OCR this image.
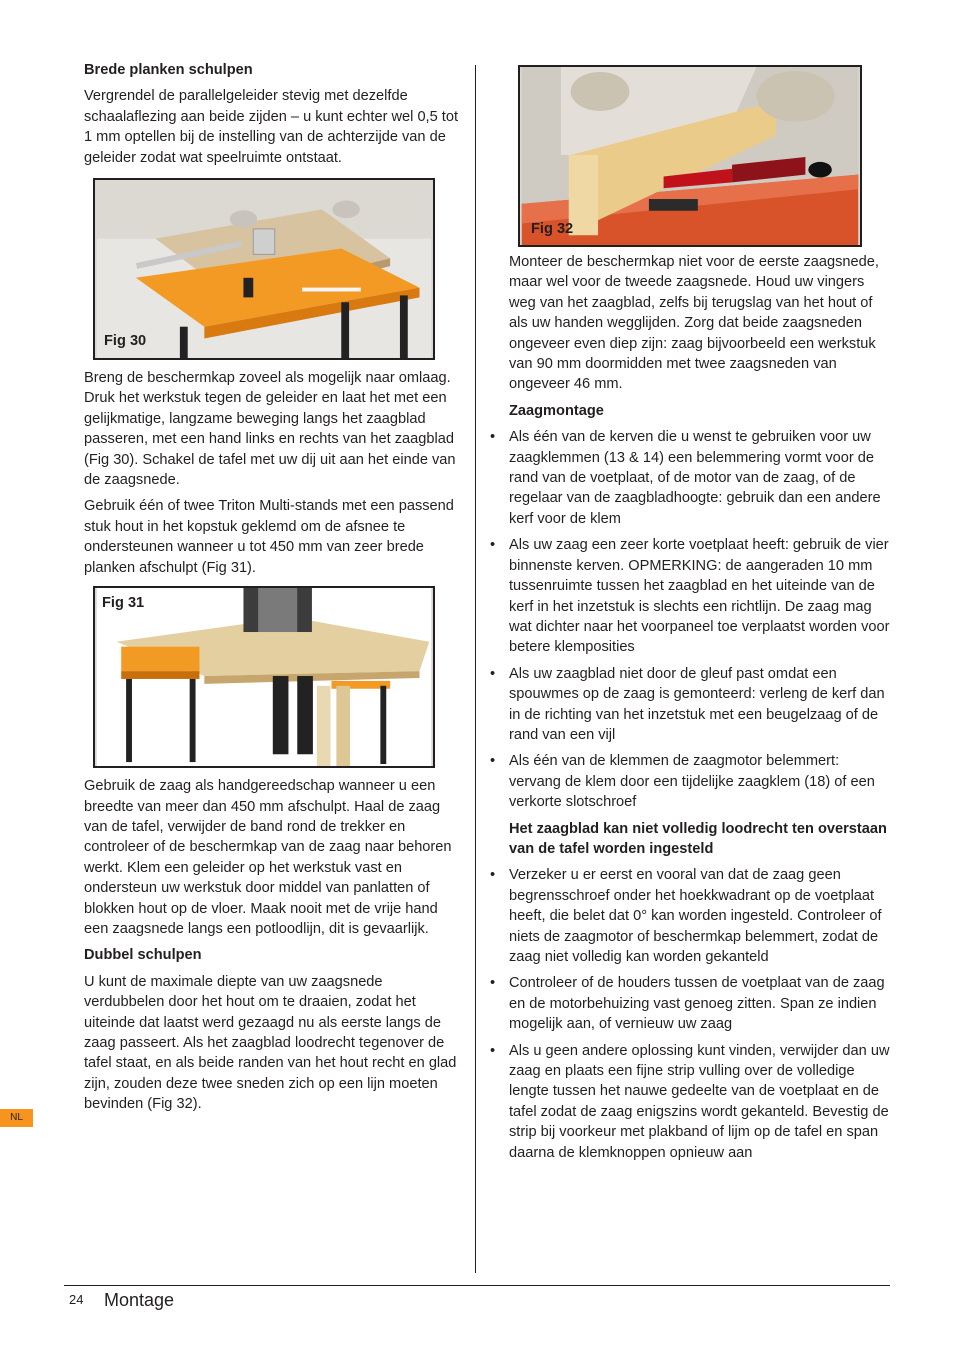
Brede planken schulpen

Vergrendel de parallelgeleider stevig met dezelfde schaalaflezing aan beide zijden – u kunt echter wel 0,5 tot 1 mm optellen bij de instelling van de achterzijde van de geleider zodat wat speelruimte ontstaat.

Fig 30

Breng de beschermkap zoveel als mogelijk naar omlaag. Druk het werkstuk tegen de geleider en laat het met een gelijkmatige, langzame beweging langs het zaagblad passeren, met een hand links en rechts van het zaagblad (Fig 30). Schakel de tafel met uw dij uit aan het einde van de zaagsnede.

Gebruik één of twee Triton Multi-stands met een passend stuk hout in het kopstuk geklemd om de afsnee te ondersteunen wanneer u tot 450 mm van zeer brede planken afschulpt (Fig 31).

Fig 31

Gebruik de zaag als handgereedschap wanneer u een breedte van meer dan 450 mm afschulpt. Haal de zaag van de tafel, verwijder de band rond de trekker en controleer of de beschermkap van de zaag naar behoren werkt. Klem een geleider op het werkstuk vast en ondersteun uw werkstuk door middel van panlatten of blokken hout op de vloer. Maak nooit met de vrije hand een zaagsnede langs een potloodlijn, dit is gevaarlijk.

Dubbel schulpen

U kunt de maximale diepte van uw zaagsnede verdubbelen door het hout om te draaien, zodat het uiteinde dat laatst werd gezaagd nu als eerste langs de zaag passeert. Als het zaagblad loodrecht tegenover de tafel staat, en als beide randen van het hout recht en glad zijn, zouden deze twee sneden zich op een lijn moeten bevinden (Fig 32).

Fig 32

Monteer de beschermkap niet voor de eerste zaagsnede, maar wel voor de tweede zaagsnede. Houd uw vingers weg van het zaagblad, zelfs bij terugslag van het hout of als uw handen wegglijden. Zorg dat beide zaagsneden ongeveer even diep zijn: zaag bijvoorbeeld een werkstuk van 90 mm doormidden met twee zaagsneden van ongeveer 46 mm.

Zaagmontage

• Als één van de kerven die u wenst te gebruiken voor uw zaagklemmen (13 & 14) een belemmering vormt voor de rand van de voetplaat, of de motor van de zaag, of de regelaar van de zaagbladhoogte: gebruik dan een andere kerf voor de klem
• Als uw zaag een zeer korte voetplaat heeft: gebruik de vier binnenste kerven. OPMERKING: de aangeraden 10 mm tussenruimte tussen het zaagblad en het uiteinde van de kerf in het inzetstuk is slechts een richtlijn. De zaag mag wat dichter naar het voorpaneel toe verplaatst worden voor betere klemposities
• Als uw zaagblad niet door de gleuf past omdat een spouwmes op de zaag is gemonteerd: verleng de kerf dan in de richting van het inzetstuk met een beugelzaag of de rand van een vijl
• Als één van de klemmen de zaagmotor belemmert: vervang de klem door een tijdelijke zaagklem (18) of een verkorte slotschroef

Het zaagblad kan niet volledig loodrecht ten overstaan van de tafel worden ingesteld

• Verzeker u er eerst en vooral van dat de zaag geen begrensschroef onder het hoekkwadrant op de voetplaat heeft, die belet dat 0° kan worden ingesteld. Controleer of niets de zaagmotor of beschermkap belemmert, zodat de zaag niet volledig kan worden gekanteld
• Controleer of de houders tussen de voetplaat van de zaag en de motorbehuizing vast genoeg zitten. Span ze indien mogelijk aan, of vernieuw uw zaag
• Als u geen andere oplossing kunt vinden, verwijder dan uw zaag en plaats een fijne strip vulling over de volledige lengte tussen het nauwe gedeelte van de voetplaat en de tafel zodat de zaag enigszins wordt gekanteld. Bevestig de strip bij voorkeur met plakband of lijm op de tafel en span daarna de klemknoppen opnieuw aan
NL
24 Montage
